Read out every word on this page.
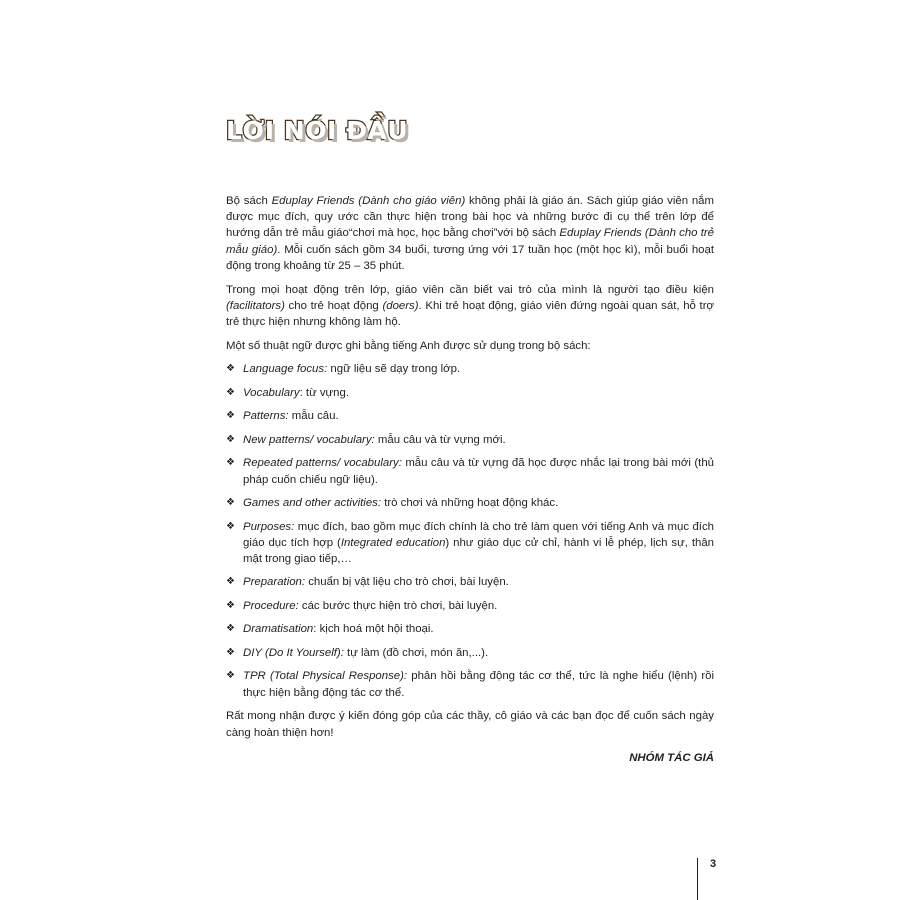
LỜI NÓI ĐẦU

Bộ sách Eduplay Friends (Dành cho giáo viên) không phải là giáo án. Sách giúp giáo viên nắm được mục đích, quy ước cần thực hiện trong bài học và những bước đi cụ thể trên lớp để hướng dẫn trẻ mẫu giáo“chơi mà học, học bằng chơi”với bộ sách Eduplay Friends (Dành cho trẻ mẫu giáo). Mỗi cuốn sách gồm 34 buổi, tương ứng với 17 tuần học (một học kì), mỗi buổi hoạt động trong khoảng từ 25 – 35 phút.

Trong mọi hoạt động trên lớp, giáo viên cần biết vai trò của mình là người tạo điều kiện (facilitators) cho trẻ hoạt động (doers). Khi trẻ hoạt động, giáo viên đứng ngoài quan sát, hỗ trợ trẻ thực hiện nhưng không làm hộ.

Một số thuật ngữ được ghi bằng tiếng Anh được sử dụng trong bộ sách:

❖ Language focus: ngữ liệu sẽ dạy trong lớp.
❖ Vocabulary: từ vựng.
❖ Patterns: mẫu câu.
❖ New patterns/ vocabulary: mẫu câu và từ vựng mới.
❖ Repeated patterns/ vocabulary: mẫu câu và từ vựng đã học được nhắc lại trong bài mới (thủ pháp cuốn chiếu ngữ liệu).
❖ Games and other activities: trò chơi và những hoạt động khác.
❖ Purposes: mục đích, bao gồm mục đích chính là cho trẻ làm quen với tiếng Anh và mục đích giáo dục tích hợp (Integrated education) như giáo dục cử chỉ, hành vi lễ phép, lịch sự, thân mật trong giao tiếp,…
❖ Preparation: chuẩn bị vật liệu cho trò chơi, bài luyện.
❖ Procedure: các bước thực hiện trò chơi, bài luyện.
❖ Dramatisation: kịch hoá một hội thoại.
❖ DIY (Do It Yourself): tự làm (đồ chơi, món ăn,...).
❖ TPR (Total Physical Response): phản hồi bằng động tác cơ thể, tức là nghe hiểu (lệnh) rồi thực hiện bằng động tác cơ thể.

Rất mong nhận được ý kiến đóng góp của các thầy, cô giáo và các bạn đọc để cuốn sách ngày càng hoàn thiện hơn!

NHÓM TÁC GIẢ

3
